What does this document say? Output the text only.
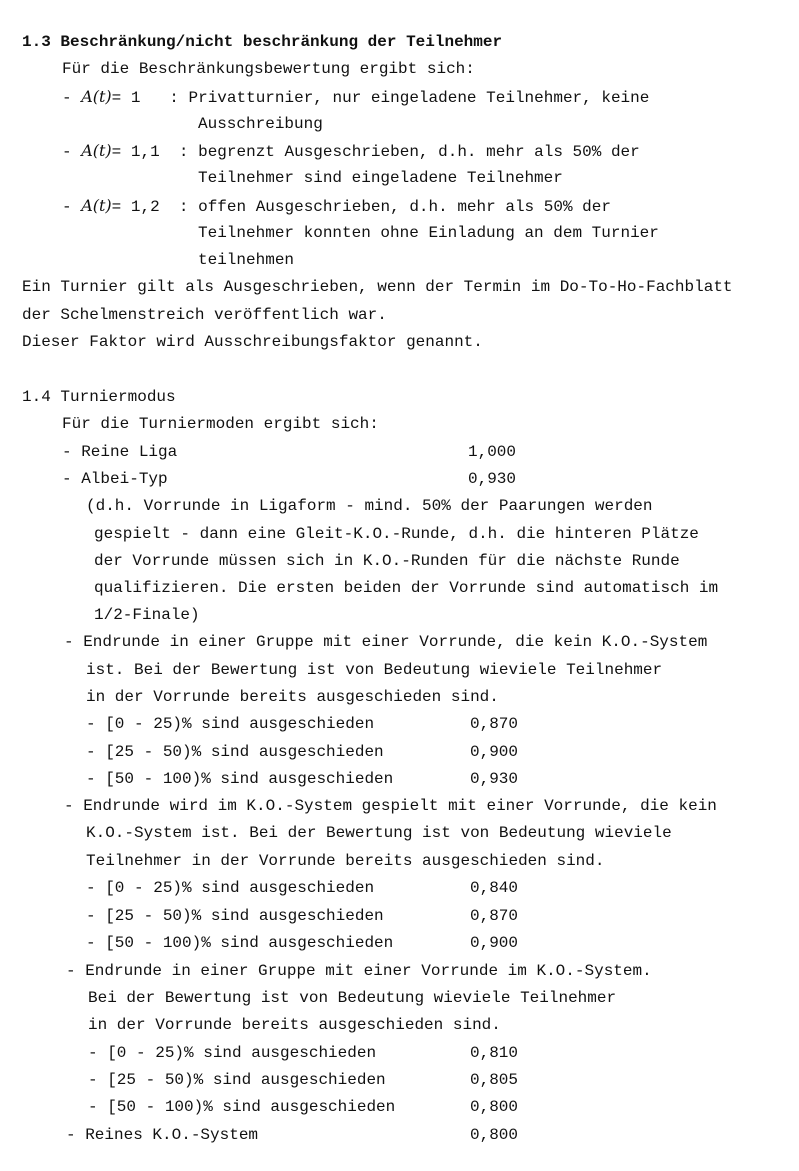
1.3 Beschränkung/nicht beschränkung der Teilnehmer
Für die Beschränkungsbewertung ergibt sich:
- A(t)= 1   : Privatturnier, nur eingeladene Teilnehmer, keine
Ausschreibung
- A(t)= 1,1  : begrenzt Ausgeschrieben, d.h. mehr als 50% der
Teilnehmer sind eingeladene Teilnehmer
- A(t)= 1,2  : offen Ausgeschrieben, d.h. mehr als 50% der
Teilnehmer konnten ohne Einladung an dem Turnier
teilnehmen
Ein Turnier gilt als Ausgeschrieben, wenn der Termin im Do-To-Ho-Fachblatt
der Schelmenstreich veröffentlich war.
Dieser Faktor wird Ausschreibungsfaktor genannt.
1.4 Turniermodus
Für die Turniermoden ergibt sich:
- Reine Liga	1,000
- Albei-Typ	0,930
(d.h. Vorrunde in Ligaform - mind. 50% der Paarungen werden
gespielt - dann eine Gleit-K.O.-Runde, d.h. die hinteren Plätze
der Vorrunde müssen sich in K.O.-Runden für die nächste Runde
qualifizieren. Die ersten beiden der Vorrunde sind automatisch im
1/2-Finale)
- Endrunde in einer Gruppe mit einer Vorrunde, die kein K.O.-System
ist. Bei der Bewertung ist von Bedeutung wieviele Teilnehmer
in der Vorrunde bereits ausgeschieden sind.
- [0 - 25)% sind ausgeschieden	0,870
- [25 - 50)% sind ausgeschieden	0,900
- [50 - 100)% sind ausgeschieden	0,930
- Endrunde wird im K.O.-System gespielt mit einer Vorrunde, die kein
K.O.-System ist. Bei der Bewertung ist von Bedeutung wieviele
Teilnehmer in der Vorrunde bereits ausgeschieden sind.
- [0 - 25)% sind ausgeschieden	0,840
- [25 - 50)% sind ausgeschieden	0,870
- [50 - 100)% sind ausgeschieden	0,900
- Endrunde in einer Gruppe mit einer Vorrunde im K.O.-System.
Bei der Bewertung ist von Bedeutung wieviele Teilnehmer
in der Vorrunde bereits ausgeschieden sind.
- [0 - 25)% sind ausgeschieden	0,810
- [25 - 50)% sind ausgeschieden	0,805
- [50 - 100)% sind ausgeschieden	0,800
- Reines K.O.-System	0,800
